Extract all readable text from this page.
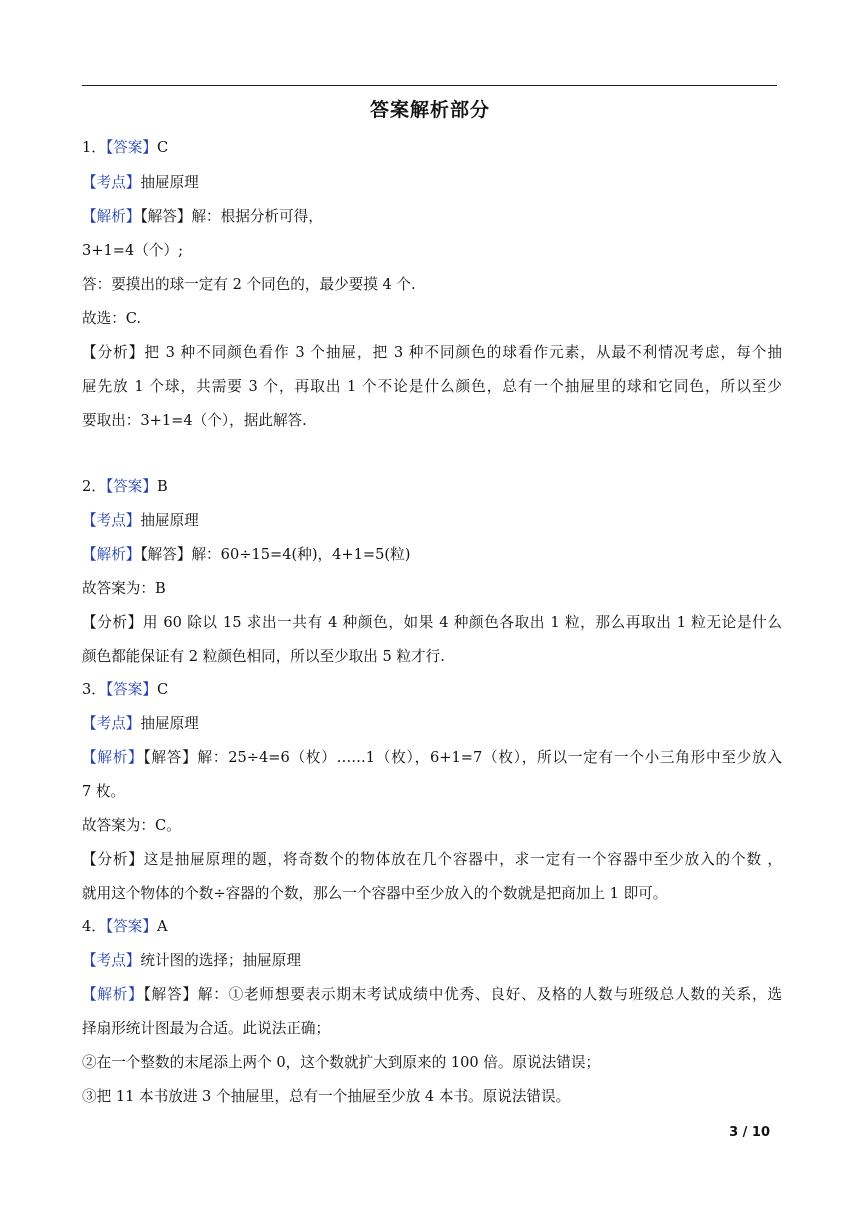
答案解析部分
1．【答案】C
【考点】抽屉原理
【解析】【解答】解：根据分析可得，
3+1=4（个）;
答：要摸出的球一定有 2 个同色的，最少要摸 4 个.
故选：C.
【分析】把 3 种不同颜色看作 3 个抽屉，把 3 种不同颜色的球看作元素，从最不利情况考虑，每个抽
屉先放 1 个球，共需要 3 个，再取出 1 个不论是什么颜色，总有一个抽屉里的球和它同色，所以至少
要取出：3+1=4（个），据此解答.
2．【答案】B
【考点】抽屉原理
【解析】【解答】解：60÷15=4(种)，4+1=5(粒)
故答案为：B
【分析】用 60 除以 15 求出一共有 4 种颜色，如果 4 种颜色各取出 1 粒，那么再取出 1 粒无论是什么
颜色都能保证有 2 粒颜色相同，所以至少取出 5 粒才行.
3．【答案】C
【考点】抽屉原理
【解析】【解答】解：25÷4=6（枚）……1（枚），6+1=7（枚），所以一定有一个小三角形中至少放入
7 枚。
故答案为：C。
【分析】这是抽屉原理的题，将奇数个的物体放在几个容器中，求一定有一个容器中至少放入的个数 ，
就用这个物体的个数÷容器的个数，那么一个容器中至少放入的个数就是把商加上 1 即可。
4．【答案】A
【考点】统计图的选择；抽屉原理
【解析】【解答】解：①老师想要表示期末考试成绩中优秀、良好、及格的人数与班级总人数的关系，选
择扇形统计图最为合适。此说法正确；
②在一个整数的末尾添上两个 0，这个数就扩大到原来的 100 倍。原说法错误；
③把 11 本书放进 3 个抽屉里，总有一个抽屉至少放 4 本书。原说法错误。
3 / 10
